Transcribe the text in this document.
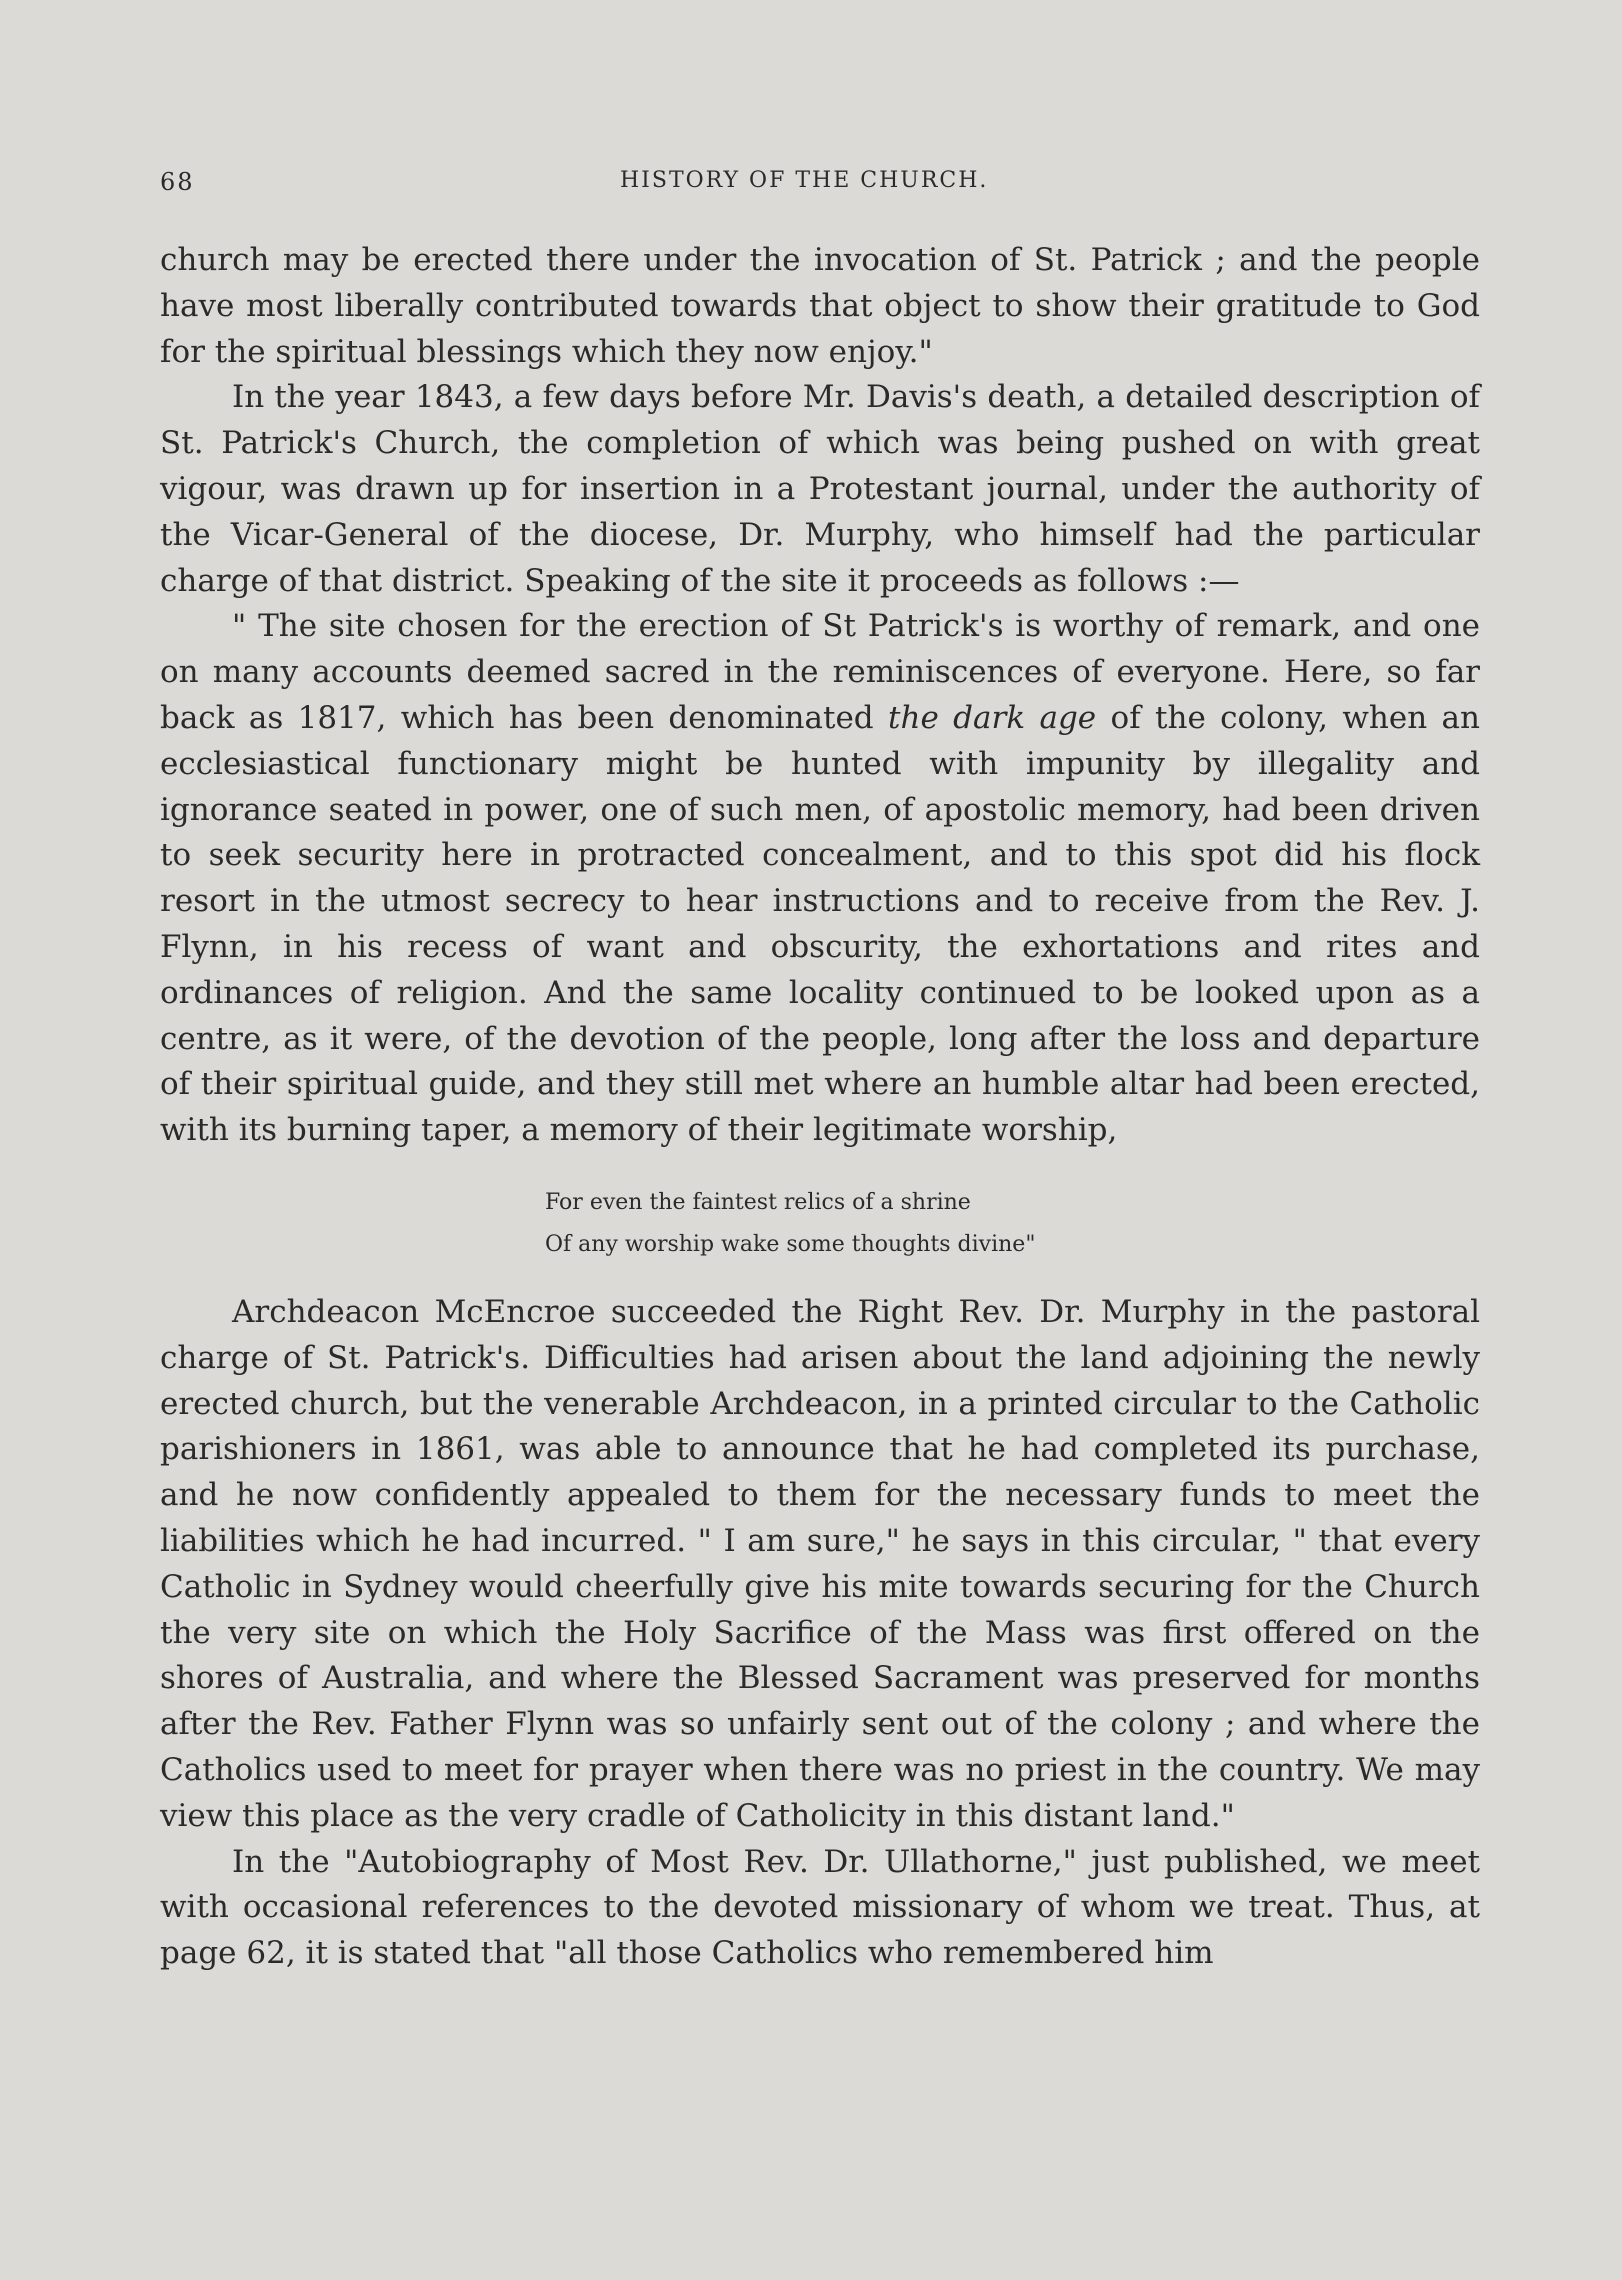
68	HISTORY OF THE CHURCH.

church may be erected there under the invocation of St. Patrick ; and the people have most liberally contributed towards that object to show their gratitude to God for the spiritual blessings which they now enjoy."

In the year 1843, a few days before Mr. Davis's death, a detailed description of St. Patrick's Church, the completion of which was being pushed on with great vigour, was drawn up for insertion in a Protestant journal, under the authority of the Vicar-General of the diocese, Dr. Murphy, who himself had the particular charge of that district. Speaking of the site it proceeds as follows :—

" The site chosen for the erection of St Patrick's is worthy of remark, and one on many accounts deemed sacred in the reminiscences of everyone. Here, so far back as 1817, which has been denominated the dark age of the colony, when an ecclesiastical functionary might be hunted with impunity by illegality and ignorance seated in power, one of such men, of apostolic memory, had been driven to seek security here in protracted concealment, and to this spot did his flock resort in the utmost secrecy to hear instructions and to receive from the Rev. J. Flynn, in his recess of want and obscurity, the exhortations and rites and ordinances of religion. And the same locality continued to be looked upon as a centre, as it were, of the devotion of the people, long after the loss and departure of their spiritual guide, and they still met where an humble altar had been erected, with its burning taper, a memory of their legitimate worship,

For even the faintest relics of a shrine
Of any worship wake some thoughts divine"

Archdeacon McEncroe succeeded the Right Rev. Dr. Murphy in the pastoral charge of St. Patrick's. Difficulties had arisen about the land adjoining the newly erected church, but the venerable Archdeacon, in a printed circular to the Catholic parishioners in 1861, was able to announce that he had completed its purchase, and he now confidently appealed to them for the necessary funds to meet the liabilities which he had incurred. " I am sure," he says in this circular, " that every Catholic in Sydney would cheerfully give his mite towards securing for the Church the very site on which the Holy Sacrifice of the Mass was first offered on the shores of Australia, and where the Blessed Sacrament was preserved for months after the Rev. Father Flynn was so unfairly sent out of the colony ; and where the Catholics used to meet for prayer when there was no priest in the country. We may view this place as the very cradle of Catholicity in this distant land."

In the "Autobiography of Most Rev. Dr. Ullathorne," just published, we meet with occasional references to the devoted missionary of whom we treat. Thus, at page 62, it is stated that "all those Catholics who remembered him
